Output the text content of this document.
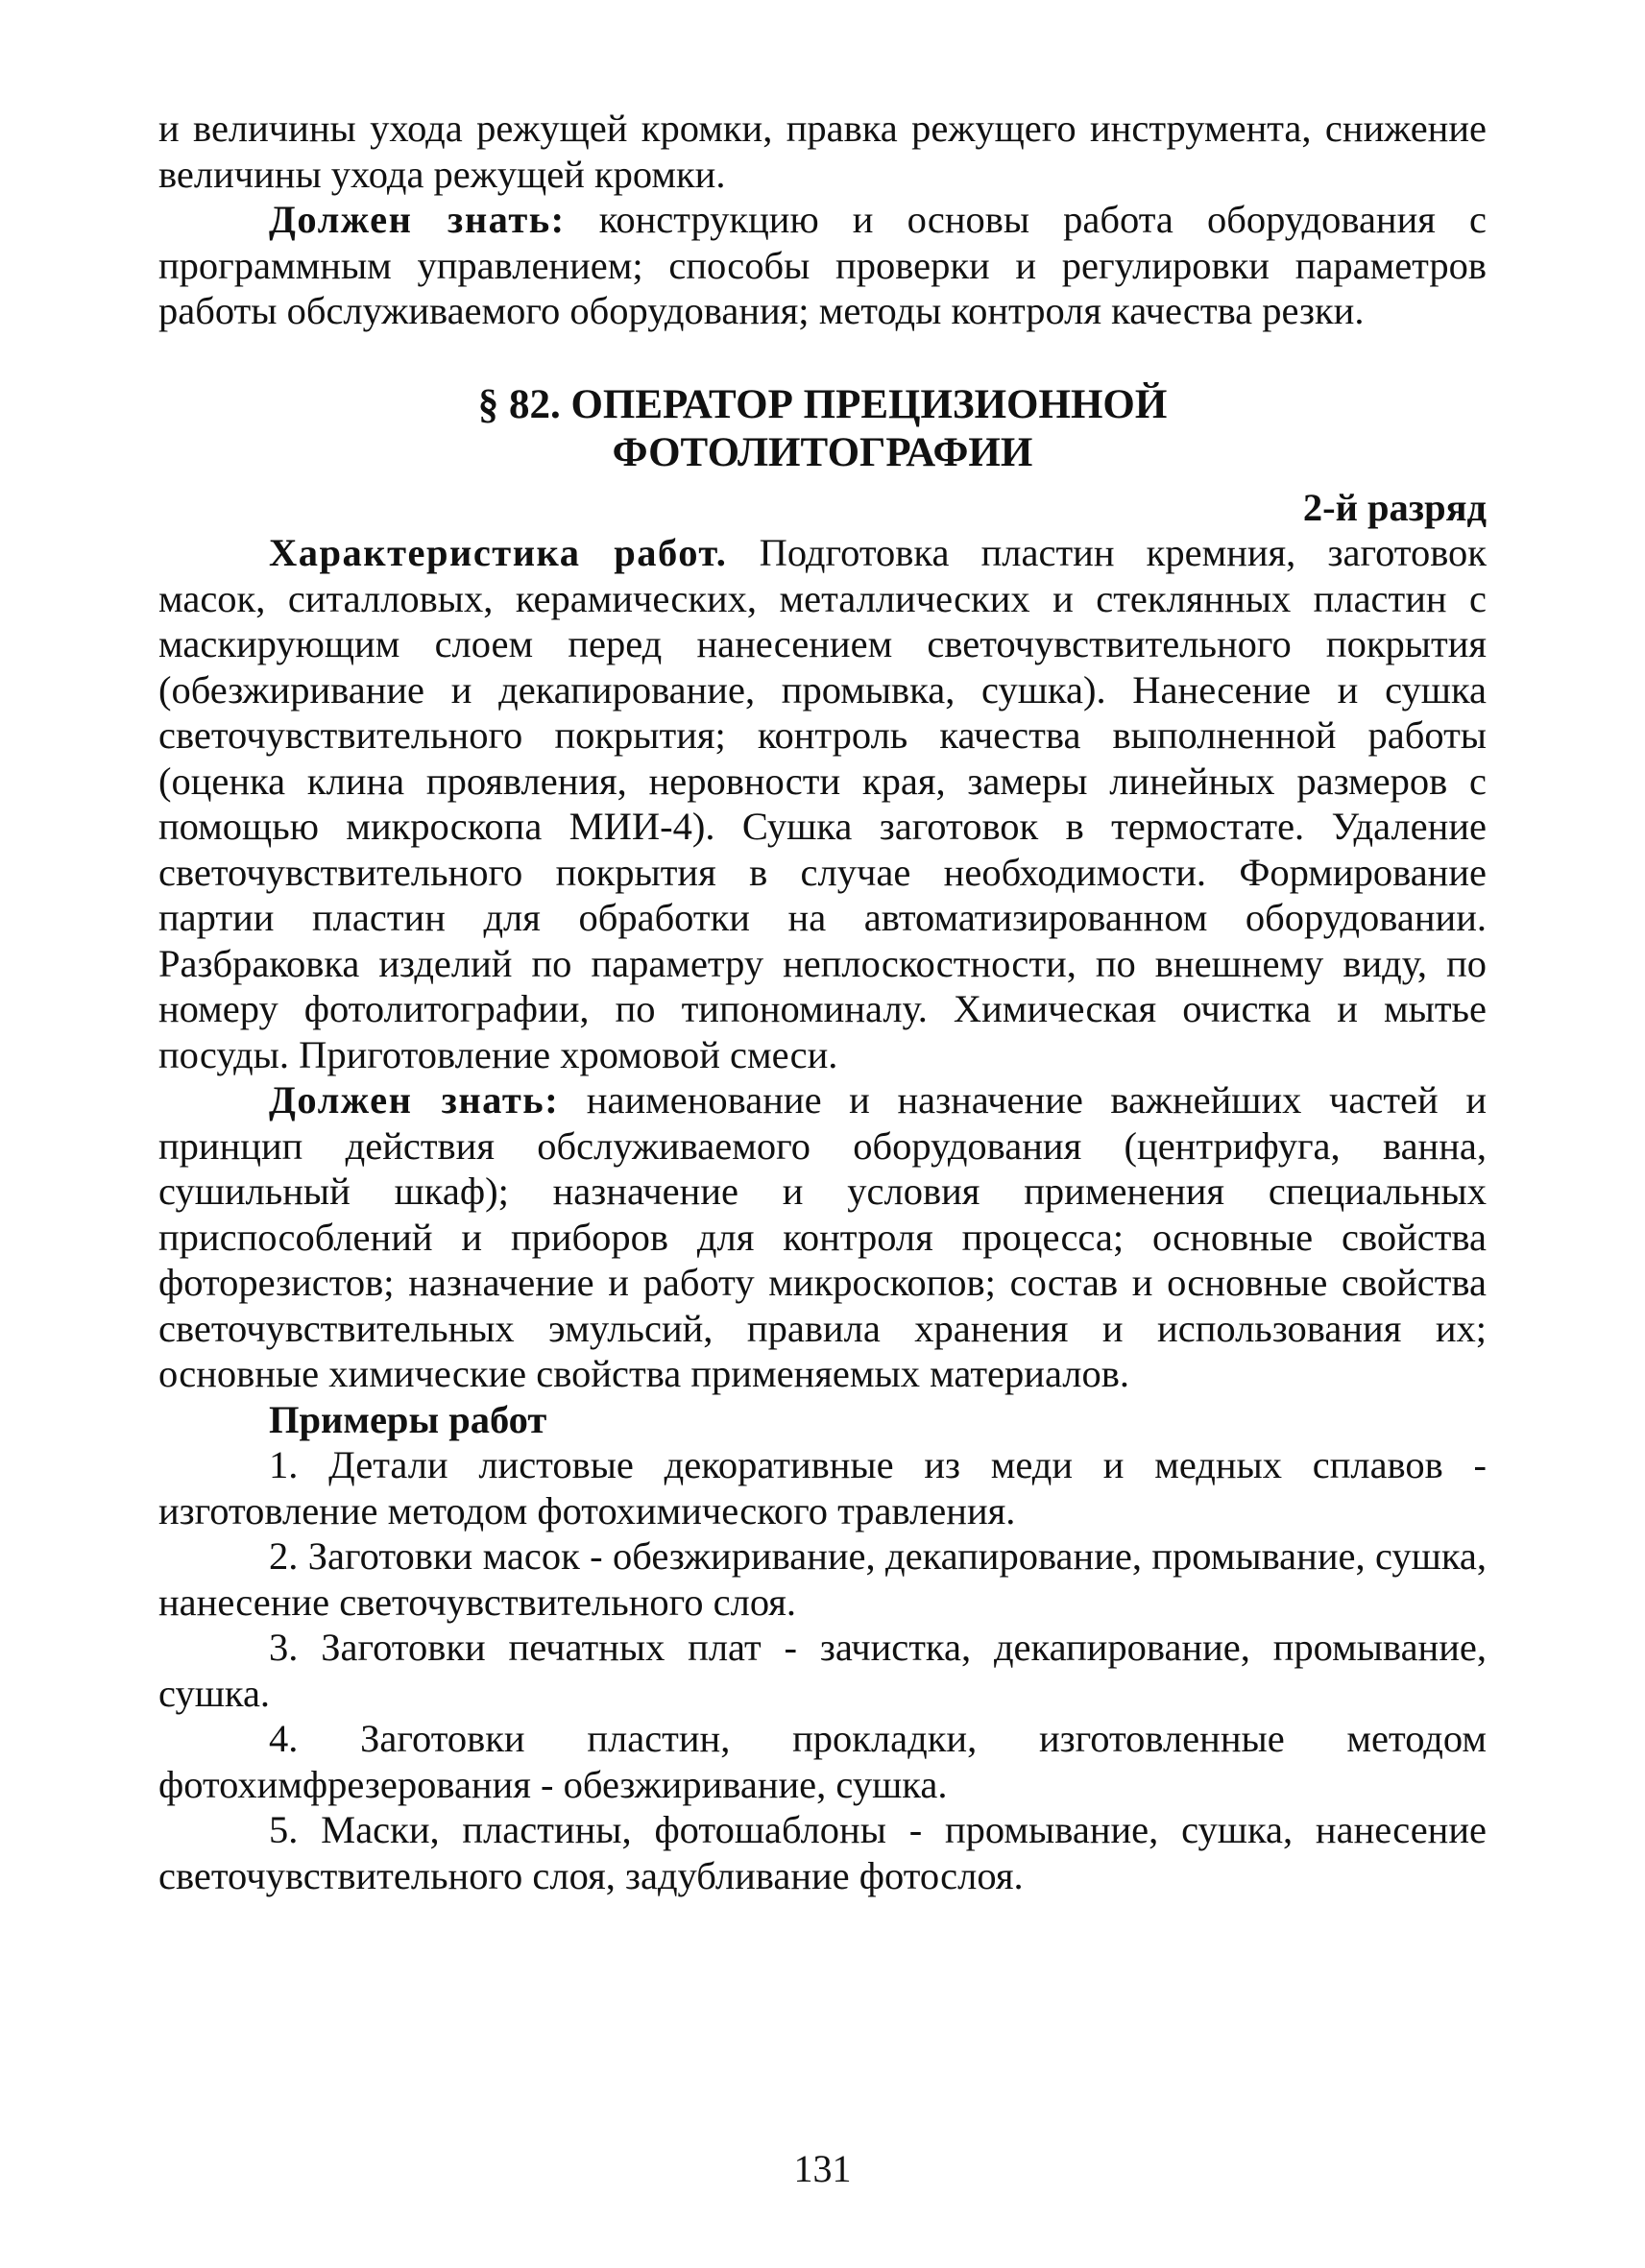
и величины ухода режущей кромки, правка режущего инструмента, снижение величины ухода режущей кромки.

Должен знать: конструкцию и основы работа оборудования с программным управлением; способы проверки и регулировки параметров работы обслуживаемого оборудования; методы контроля качества резки.

§ 82. ОПЕРАТОР ПРЕЦИЗИОННОЙ
ФОТОЛИТОГРАФИИ
2-й разряд

Характеристика работ. Подготовка пластин кремния, заготовок масок, ситалловых, керамических, металлических и стеклянных пластин с маскирующим слоем перед нанесением светочувствительного покрытия (обезжиривание и декапирование, промывка, сушка). Нанесение и сушка светочувствительного покрытия; контроль качества выполненной работы (оценка клина проявления, неровности края, замеры линейных размеров с помощью микроскопа МИИ-4). Сушка заготовок в термостате. Удаление светочувствительного покрытия в случае необходимости. Формирование партии пластин для обработки на автоматизированном оборудовании. Разбраковка изделий по параметру неплоскостности, по внешнему виду, по номеру фотолитографии, по типономиналу. Химическая очистка и мытье посуды. Приготовление хромовой смеси.

Должен знать: наименование и назначение важнейших частей и принцип действия обслуживаемого оборудования (центрифуга, ванна, сушильный шкаф); назначение и условия применения специальных приспособлений и приборов для контроля процесса; основные свойства фоторезистов; назначение и работу микроскопов; состав и основные свойства светочувствительных эмульсий, правила хранения и использования их; основные химические свойства применяемых материалов.

Примеры работ

1. Детали листовые декоративные из меди и медных сплавов - изготовление методом фотохимического травления.

2. Заготовки масок - обезжиривание, декапирование, промывание, сушка, нанесение светочувствительного слоя.

3. Заготовки печатных плат - зачистка, декапирование, промывание, сушка.

4. Заготовки пластин, прокладки, изготовленные методом фотохимфрезерования - обезжиривание, сушка.

5. Маски, пластины, фотошаблоны - промывание, сушка, нанесение светочувствительного слоя, задубливание фотослоя.

131
